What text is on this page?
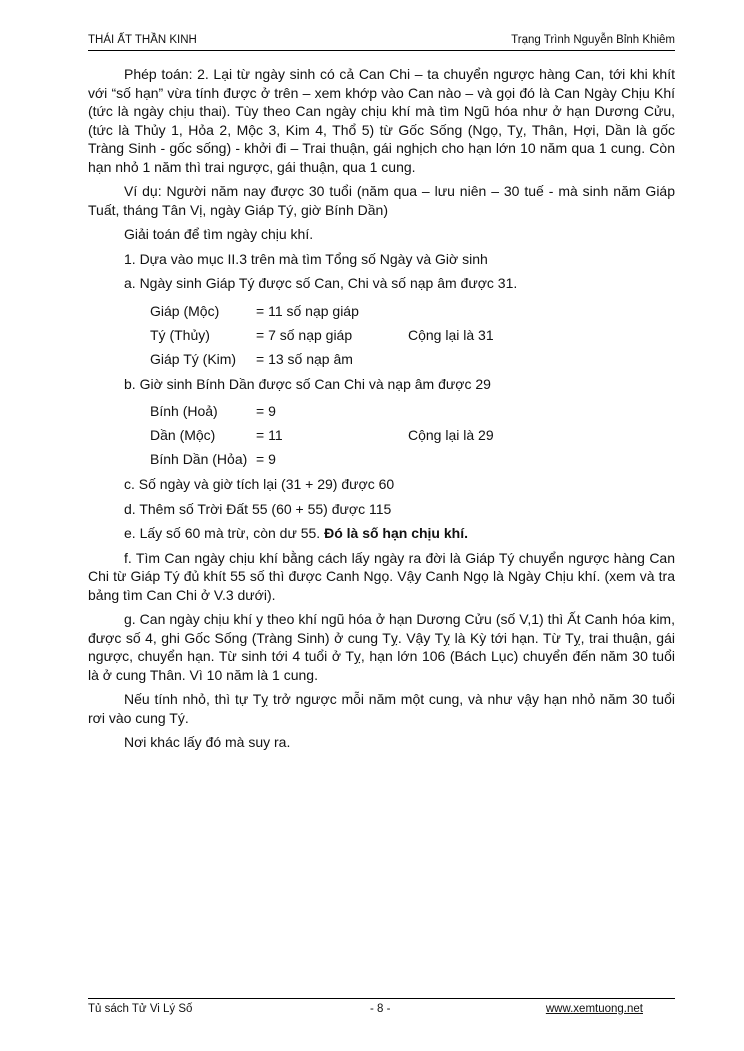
THÁI ẤT THẦN KINH	Trạng Trình Nguyễn Bỉnh Khiêm

Phép toán: 2. Lại từ ngày sinh có cả Can Chi – ta chuyển ngược hàng Can, tới khi khít với “số hạn” vừa tính được ở trên – xem khớp vào Can nào – và gọi đó là Can Ngày Chịu Khí (tức là ngày chịu thai). Tùy theo Can ngày chịu khí mà tìm Ngũ hóa như ở hạn Dương Cửu, (tức là Thủy 1, Hỏa 2, Mộc 3, Kim 4, Thổ 5) từ Gốc Sống (Ngọ, Tỵ, Thân, Hợi, Dần là gốc Tràng Sinh - gốc sống) - khởi đi – Trai thuận, gái nghịch cho hạn lớn 10 năm qua 1 cung. Còn hạn nhỏ 1 năm thì trai ngược, gái thuận, qua 1 cung.

Ví dụ: Người năm nay được 30 tuổi (năm qua – lưu niên – 30 tuế - mà sinh năm Giáp Tuất, tháng Tân Vị, ngày Giáp Tý, giờ Bính Dần)

Giải toán để tìm ngày chịu khí.

1. Dựa vào mục II.3 trên mà tìm Tổng số Ngày và Giờ sinh

a. Ngày sinh Giáp Tý được số Can, Chi và số nạp âm được 31.

Giáp (Mộc)	= 11 số nạp giáp
Tý (Thủy)	= 7 số nạp giáp	Cộng lại là 31
Giáp Tý (Kim) = 13 số nạp âm

b. Giờ sinh Bính Dần được số Can Chi và nạp âm được 29

Bính (Hoả)	= 9
Dần (Mộc)	= 11	Cộng lại là 29
Bính Dần (Hỏa) = 9

c. Số ngày và giờ tích lại (31 + 29) được 60

d. Thêm số Trời Đất 55 (60 + 55) được 115

e. Lấy số 60 mà trừ, còn dư 55. Đó là số hạn chịu khí.

f. Tìm Can ngày chịu khí bằng cách lấy ngày ra đời là Giáp Tý chuyển ngược hàng Can Chi từ Giáp Tý đủ khít 55 số thì được Canh Ngọ. Vậy Canh Ngọ là Ngày Chịu khí. (xem và tra bảng tìm Can Chi ở V.3 dưới).

g. Can ngày chịu khí y theo khí ngũ hóa ở hạn Dương Cửu (số V,1) thì Ất Canh hóa kim, được số 4, ghi Gốc Sống (Tràng Sinh) ở cung Tỵ. Vậy Tỵ là Kỳ tới hạn. Từ Tỵ, trai thuận, gái ngược, chuyển hạn. Từ sinh tới 4 tuổi ở Tỵ, hạn lớn 106 (Bách Lục) chuyển đến năm 30 tuổi là ở cung Thân. Vì 10 năm là 1 cung.

Nếu tính nhỏ, thì tự Tỵ trở ngược mỗi năm một cung, và như vậy hạn nhỏ năm 30 tuổi rơi vào cung Tý.

Nơi khác lấy đó mà suy ra.

Tủ sách Tử Vi Lý Số	- 8 -	www.xemtuong.net
